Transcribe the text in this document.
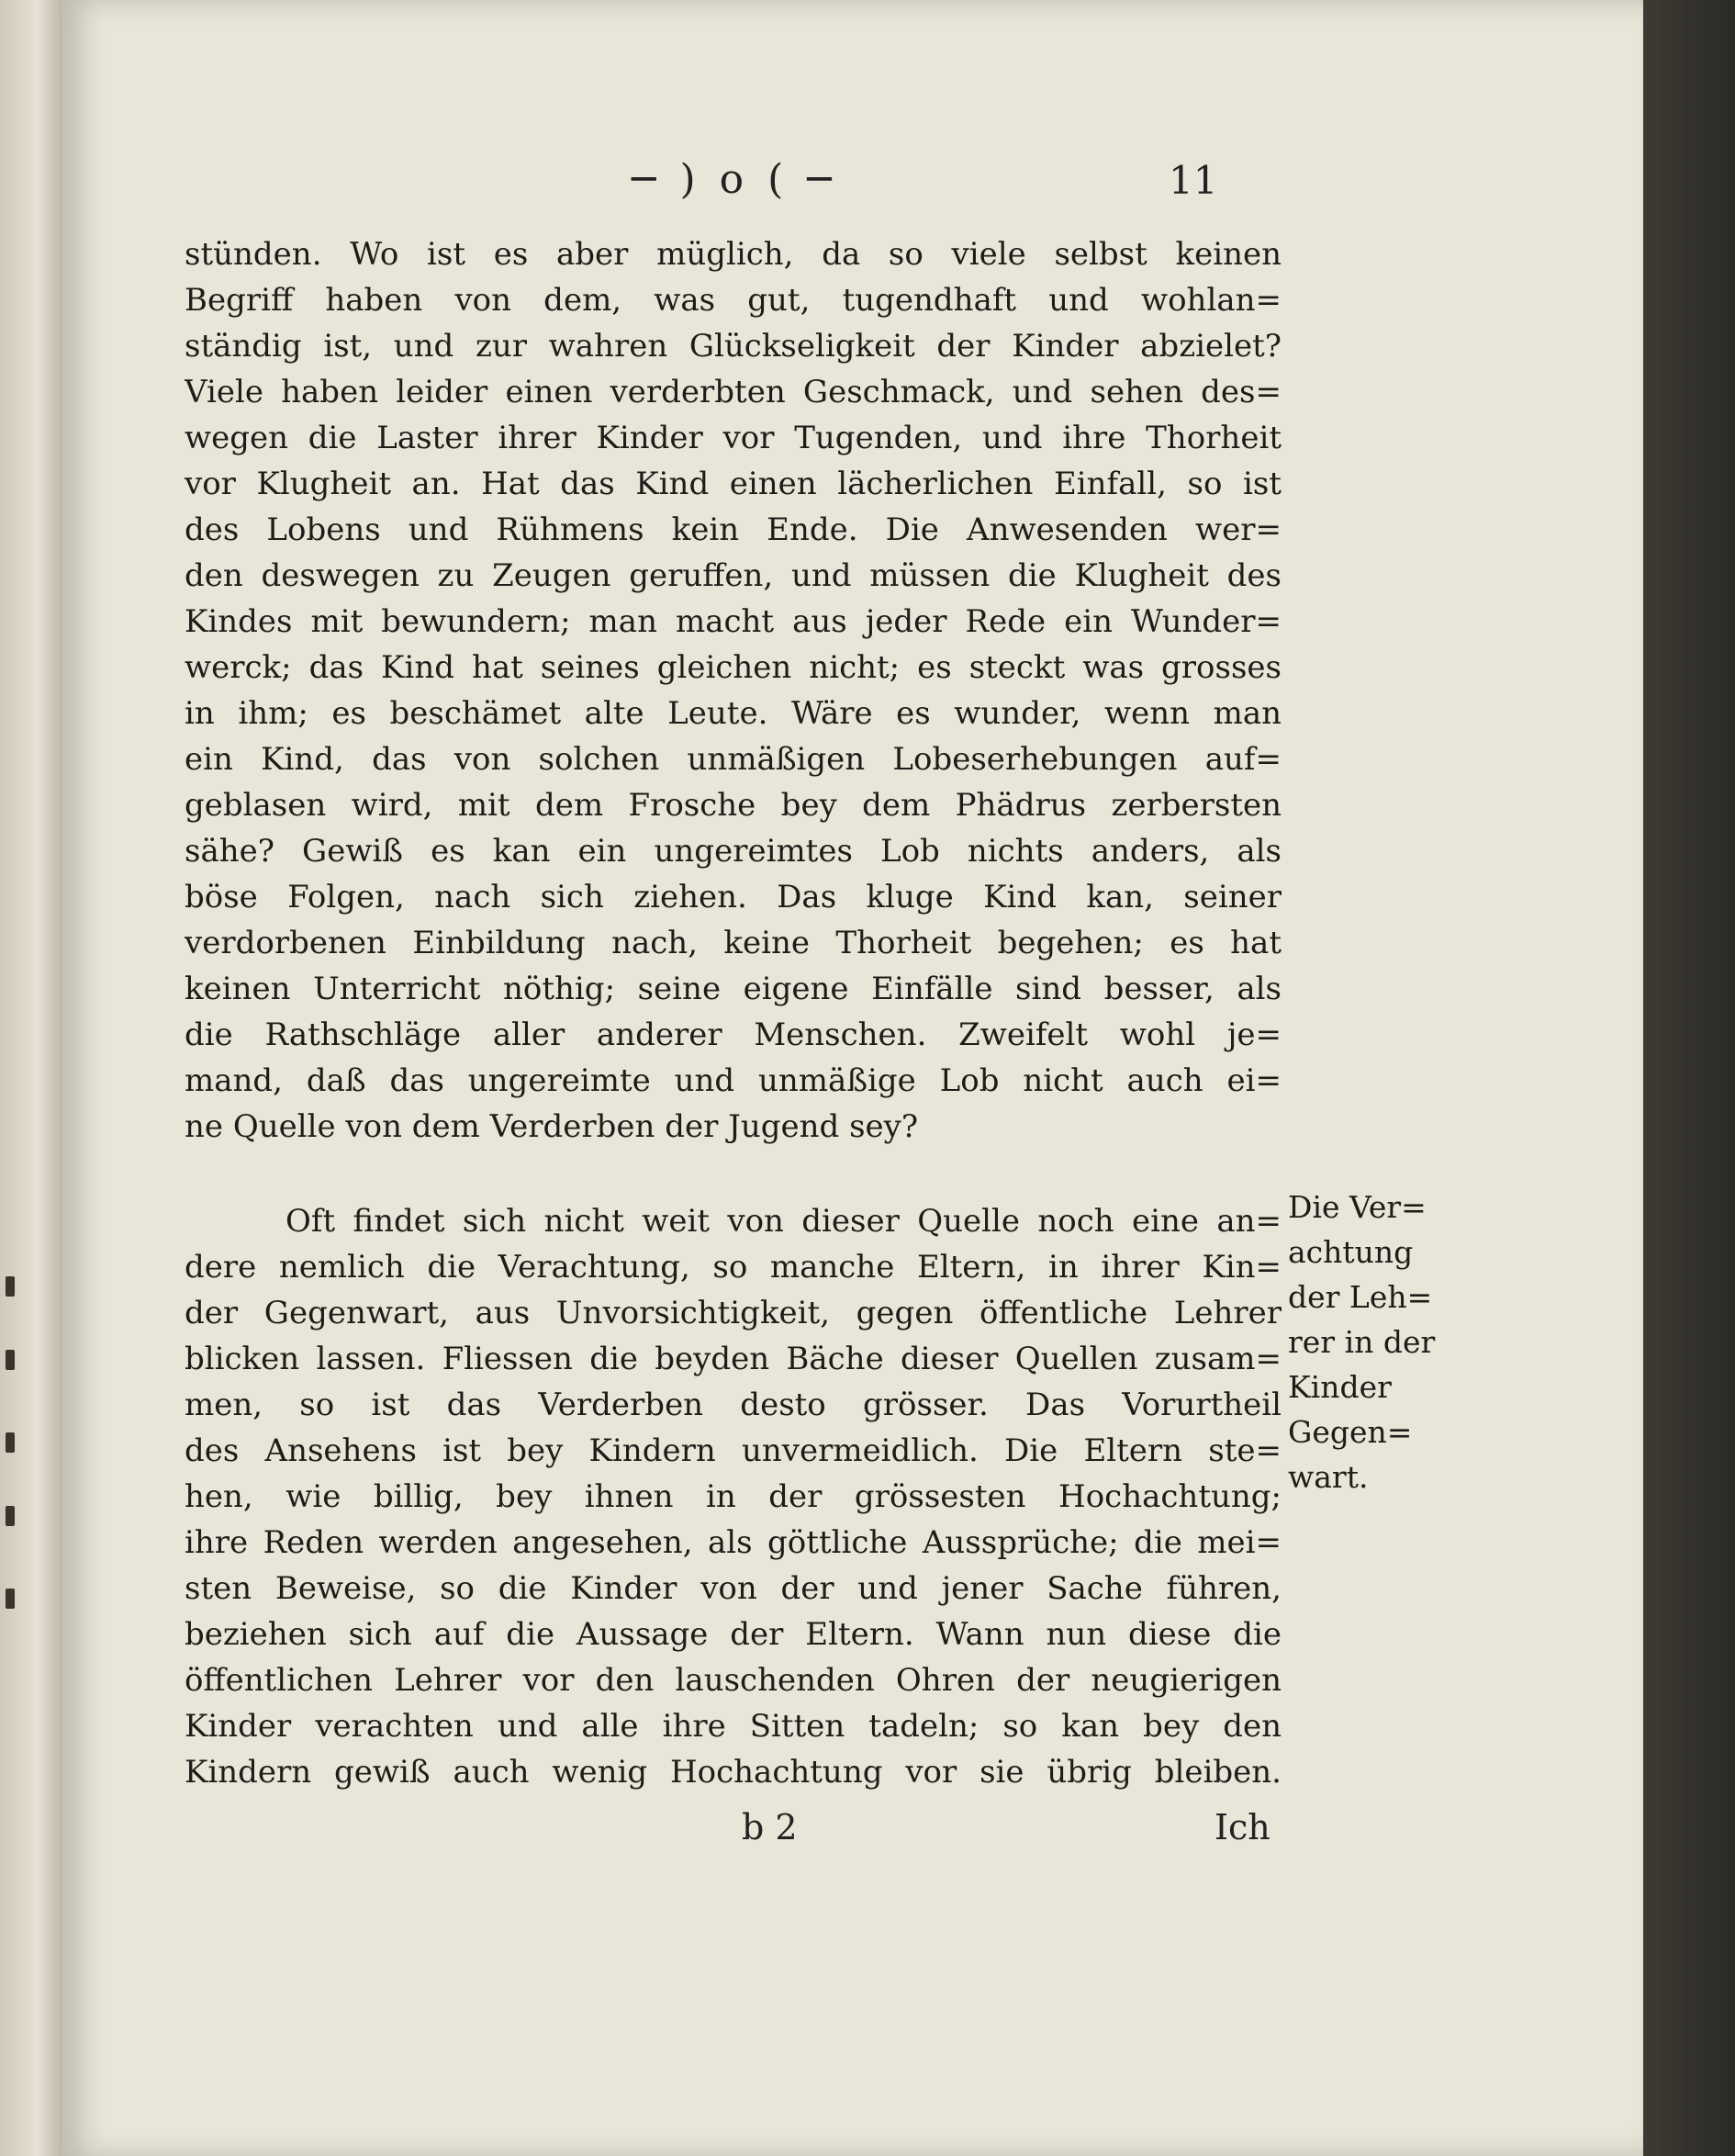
─ ) o ( ─	11
stünden. Wo ist es aber müglich, da so viele selbst keinen
Begriff haben von dem, was gut, tugendhaft und wohlan=
ständig ist, und zur wahren Glückseligkeit der Kinder abzielet?
Viele haben leider einen verderbten Geschmack, und sehen des=
wegen die Laster ihrer Kinder vor Tugenden, und ihre Thorheit
vor Klugheit an. Hat das Kind einen lächerlichen Einfall, so ist
des Lobens und Rühmens kein Ende. Die Anwesenden wer=
den deswegen zu Zeugen geruffen, und müssen die Klugheit des
Kindes mit bewundern; man macht aus jeder Rede ein Wunder=
werck; das Kind hat seines gleichen nicht; es steckt was grosses
in ihm; es beschämet alte Leute. Wäre es wunder, wenn man
ein Kind, das von solchen unmäßigen Lobeserhebungen auf=
geblasen wird, mit dem Frosche bey dem Phädrus zerbersten
sähe? Gewiß es kan ein ungereimtes Lob nichts anders, als
böse Folgen, nach sich ziehen. Das kluge Kind kan, seiner
verdorbenen Einbildung nach, keine Thorheit begehen; es hat
keinen Unterricht nöthig; seine eigene Einfälle sind besser, als
die Rathschläge aller anderer Menschen. Zweifelt wohl je=
mand, daß das ungereimte und unmäßige Lob nicht auch ei=
ne Quelle von dem Verderben der Jugend sey?
Oft findet sich nicht weit von dieser Quelle noch eine an=
dere nemlich die Verachtung, so manche Eltern, in ihrer Kin=
der Gegenwart, aus Unvorsichtigkeit, gegen öffentliche Lehrer
blicken lassen. Fliessen die beyden Bäche dieser Quellen zusam=
men, so ist das Verderben desto grösser. Das Vorurtheil
des Ansehens ist bey Kindern unvermeidlich. Die Eltern ste=
hen, wie billig, bey ihnen in der grössesten Hochachtung;
ihre Reden werden angesehen, als göttliche Aussprüche; die mei=
sten Beweise, so die Kinder von der und jener Sache führen,
beziehen sich auf die Aussage der Eltern. Wann nun diese die
öffentlichen Lehrer vor den lauschenden Ohren der neugierigen
Kinder verachten und alle ihre Sitten tadeln; so kan bey den
Kindern gewiß auch wenig Hochachtung vor sie übrig bleiben.
Die Ver=
achtung
der Leh=
rer in der
Kinder
Gegen=
wart.
b 2	Ich
